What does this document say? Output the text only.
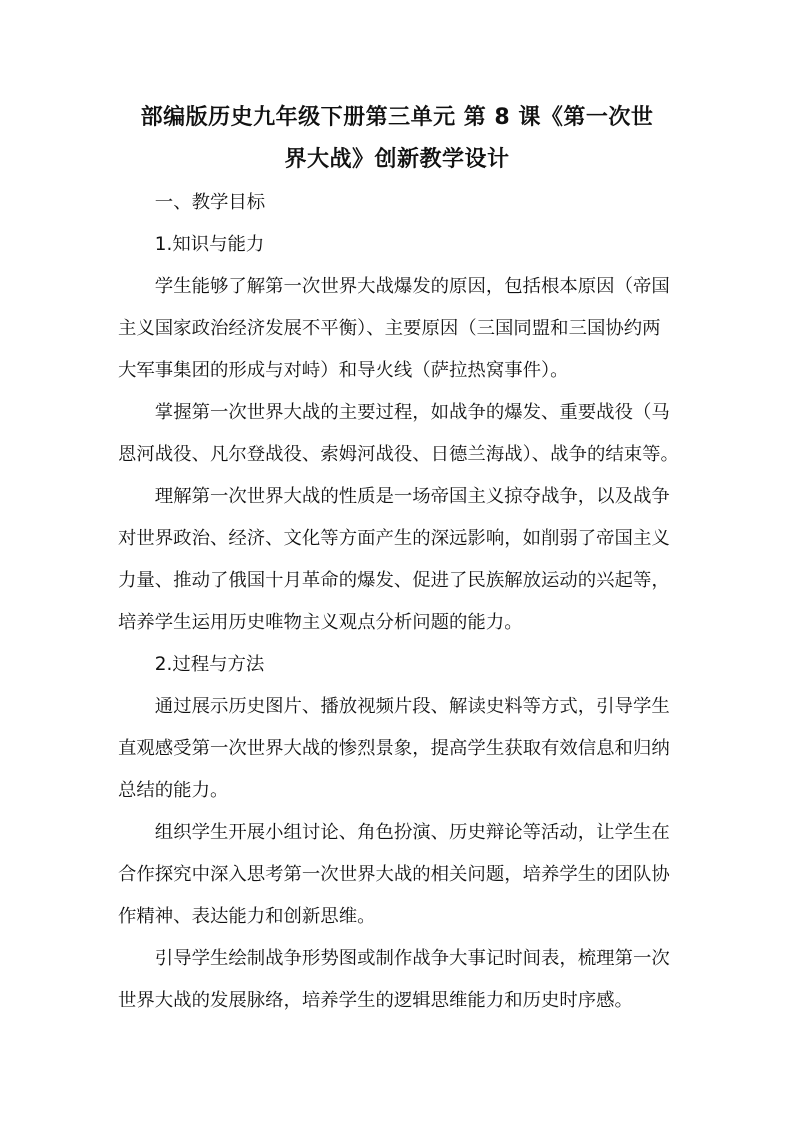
部编版历史九年级下册第三单元 第 8 课《第一次世
界大战》创新教学设计
一、教学目标
1.知识与能力
学生能够了解第一次世界大战爆发的原因，包括根本原因（帝国
主义国家政治经济发展不平衡）、主要原因（三国同盟和三国协约两
大军事集团的形成与对峙）和导火线（萨拉热窝事件）。
掌握第一次世界大战的主要过程，如战争的爆发、重要战役（马
恩河战役、凡尔登战役、索姆河战役、日德兰海战）、战争的结束等。
理解第一次世界大战的性质是一场帝国主义掠夺战争，以及战争
对世界政治、经济、文化等方面产生的深远影响，如削弱了帝国主义
力量、推动了俄国十月革命的爆发、促进了民族解放运动的兴起等，
培养学生运用历史唯物主义观点分析问题的能力。
2.过程与方法
通过展示历史图片、播放视频片段、解读史料等方式，引导学生
直观感受第一次世界大战的惨烈景象，提高学生获取有效信息和归纳
总结的能力。
组织学生开展小组讨论、角色扮演、历史辩论等活动，让学生在
合作探究中深入思考第一次世界大战的相关问题，培养学生的团队协
作精神、表达能力和创新思维。
引导学生绘制战争形势图或制作战争大事记时间表，梳理第一次
世界大战的发展脉络，培养学生的逻辑思维能力和历史时序感。
